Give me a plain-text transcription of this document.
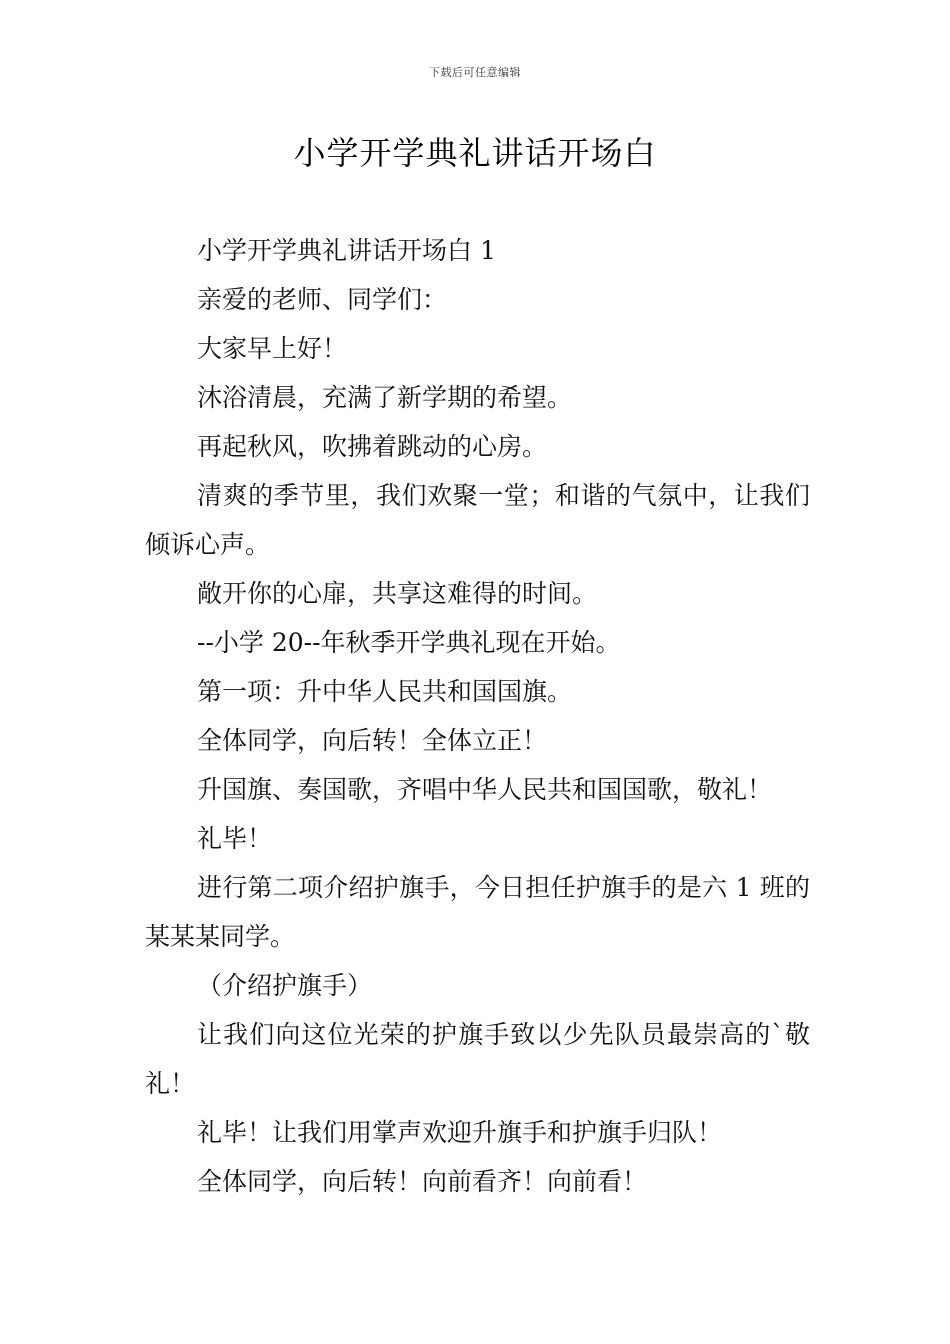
下载后可任意编辑
小学开学典礼讲话开场白

小学开学典礼讲话开场白 1

亲爱的老师、同学们：

大家早上好！

沐浴清晨，充满了新学期的希望。

再起秋风，吹拂着跳动的心房。

清爽的季节里，我们欢聚一堂；和谐的气氛中，让我们倾诉心声。

敞开你的心扉，共享这难得的时间。

--小学 20--年秋季开学典礼现在开始。

第一项：升中华人民共和国国旗。

全体同学，向后转！全体立正！

升国旗、奏国歌，齐唱中华人民共和国国歌，敬礼！

礼毕！

进行第二项介绍护旗手，今日担任护旗手的是六 1 班的某某某同学。

（介绍护旗手）

让我们向这位光荣的护旗手致以少先队员最崇高的`敬礼！

礼毕！让我们用掌声欢迎升旗手和护旗手归队！

全体同学，向后转！向前看齐！向前看！
